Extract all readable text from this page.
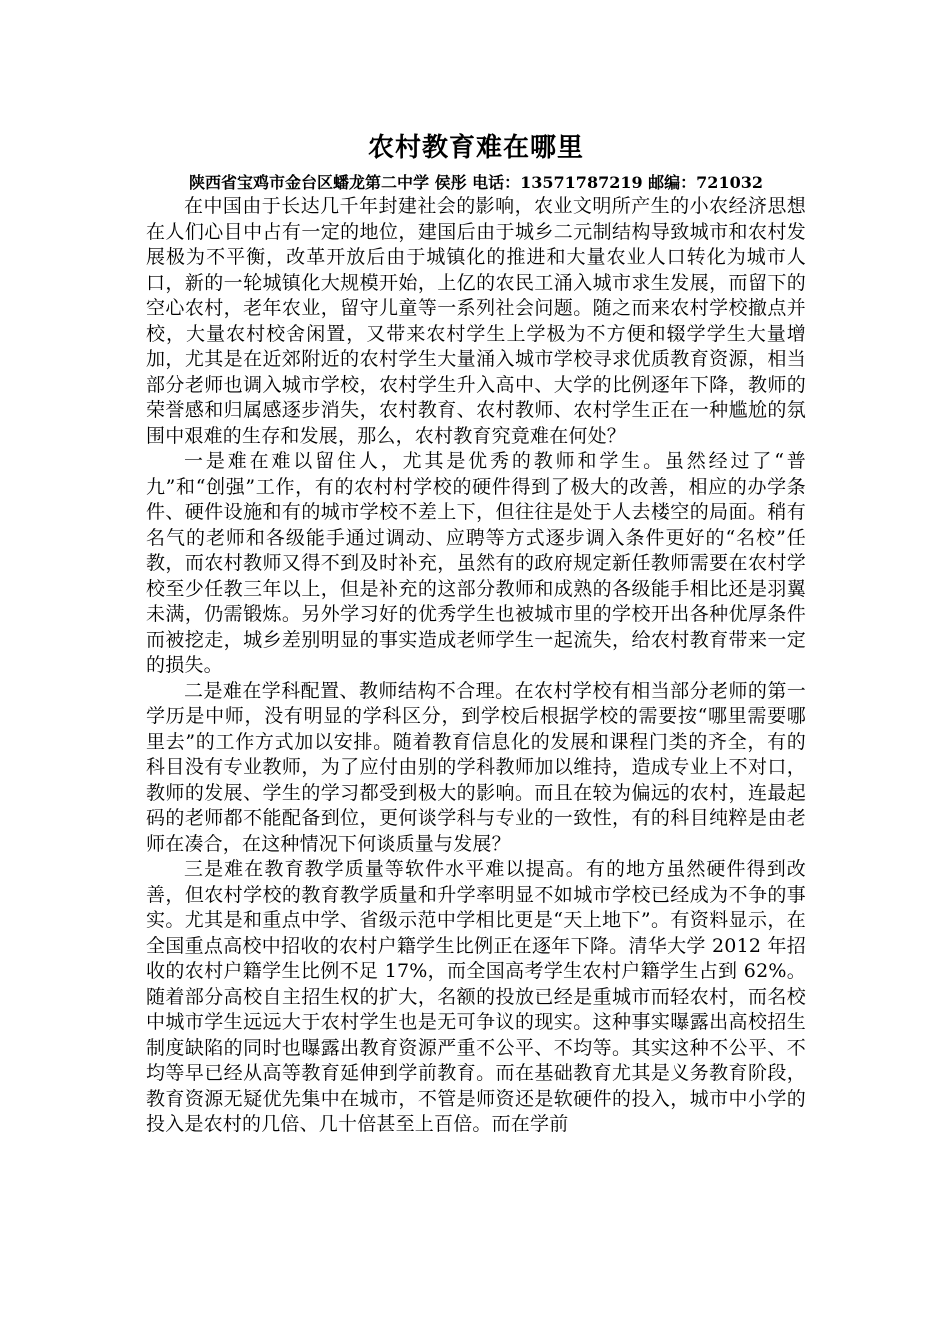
农村教育难在哪里
陕西省宝鸡市金台区蟠龙第二中学 侯彤 电话：13571787219 邮编：721032

在中国由于长达几千年封建社会的影响，农业文明所产生的小农经济思想在人们心目中占有一定的地位，建国后由于城乡二元制结构导致城市和农村发展极为不平衡，改革开放后由于城镇化的推进和大量农业人口转化为城市人口，新的一轮城镇化大规模开始，上亿的农民工涌入城市求生发展，而留下的空心农村，老年农业，留守儿童等一系列社会问题。随之而来农村学校撤点并校，大量农村校舍闲置，又带来农村学生上学极为不方便和辍学学生大量增加，尤其是在近郊附近的农村学生大量涌入城市学校寻求优质教育资源，相当部分老师也调入城市学校，农村学生升入高中、大学的比例逐年下降，教师的荣誉感和归属感逐步消失，农村教育、农村教师、农村学生正在一种尴尬的氛围中艰难的生存和发展，那么，农村教育究竟难在何处？

一是难在难以留住人，尤其是优秀的教师和学生。虽然经过了“普九”和“创强”工作，有的农村村学校的硬件得到了极大的改善，相应的办学条件、硬件设施和有的城市学校不差上下，但往往是处于人去楼空的局面。稍有名气的老师和各级能手通过调动、应聘等方式逐步调入条件更好的“名校”任教，而农村教师又得不到及时补充，虽然有的政府规定新任教师需要在农村学校至少任教三年以上，但是补充的这部分教师和成熟的各级能手相比还是羽翼未满，仍需锻炼。另外学习好的优秀学生也被城市里的学校开出各种优厚条件而被挖走，城乡差别明显的事实造成老师学生一起流失，给农村教育带来一定的损失。

二是难在学科配置、教师结构不合理。在农村学校有相当部分老师的第一学历是中师，没有明显的学科区分，到学校后根据学校的需要按“哪里需要哪里去”的工作方式加以安排。随着教育信息化的发展和课程门类的齐全，有的科目没有专业教师，为了应付由别的学科教师加以维持，造成专业上不对口，教师的发展、学生的学习都受到极大的影响。而且在较为偏远的农村，连最起码的老师都不能配备到位，更何谈学科与专业的一致性，有的科目纯粹是由老师在凑合，在这种情况下何谈质量与发展？

三是难在教育教学质量等软件水平难以提高。有的地方虽然硬件得到改善，但农村学校的教育教学质量和升学率明显不如城市学校已经成为不争的事实。尤其是和重点中学、省级示范中学相比更是“天上地下”。有资料显示，在全国重点高校中招收的农村户籍学生比例正在逐年下降。清华大学 2012 年招收的农村户籍学生比例不足 17%，而全国高考学生农村户籍学生占到 62%。随着部分高校自主招生权的扩大，名额的投放已经是重城市而轻农村，而名校中城市学生远远大于农村学生也是无可争议的现实。这种事实曝露出高校招生制度缺陷的同时也曝露出教育资源严重不公平、不均等。其实这种不公平、不均等早已经从高等教育延伸到学前教育。而在基础教育尤其是义务教育阶段，教育资源无疑优先集中在城市，不管是师资还是软硬件的投入，城市中小学的投入是农村的几倍、几十倍甚至上百倍。而在学前
